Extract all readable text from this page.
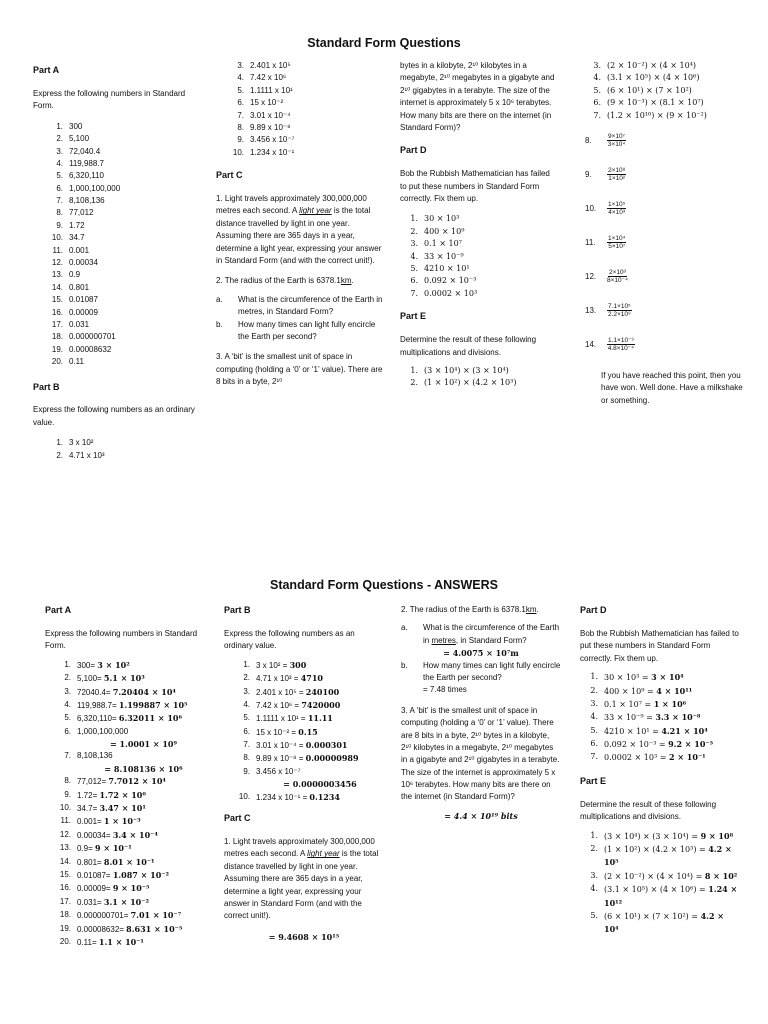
Standard Form Questions
Part A

Express the following numbers in Standard Form.

1. 300
2. 5,100
3. 72,040.4
4. 119,988.7
5. 6,320,110
6. 1,000,100,000
7. 8,108,136
8. 77,012
9. 1.72
10. 34.7
11. 0.001
12. 0.00034
13. 0.9
14. 0.801
15. 0.01087
16. 0.00009
17. 0.031
18. 0.000000701
19. 0.00008632
20. 0.11
Part B

Express the following numbers as an ordinary value.

1. 3 x 10²
2. 4.71 x 10³
3. 2.401 x 10⁵
4. 7.42 x 10⁶
5. 1.1111 x 10¹
6. 15 x 10⁻²
7. 3.01 x 10⁻⁴
8. 9.89 x 10⁻⁸
9. 3.456 x 10⁻⁷
10. 1.234 x 10⁻¹
Part C

1. Light travels approximately 300,000,000 metres each second. A light year is the total distance travelled by light in one year. Assuming there are 365 days in a year, determine a light year, expressing your answer in Standard Form (and with the correct unit!).

2. The radius of the Earth is 6378.1km.

a. What is the circumference of the Earth in metres, in Standard Form?
b. How many times can light fully encircle the Earth per second?

3. A ‘bit’ is the smallest unit of space in computing (holding a ‘0’ or ‘1’ value). There are 8 bits in a byte, 2¹⁰

bytes in a kilobyte, 2¹⁰ kilobytes in a megabyte, 2¹⁰ megabytes in a gigabyte and 2¹⁰ gigabytes in a terabyte. The size of the internet is approximately 5 x 10⁶ terabytes. How many bits are there on the internet (in Standard Form)?

Part D

Bob the Rubbish Mathematician has failed to put these numbers in Standard Form correctly. Fix them up.

1. 30 × 10³
2. 400 × 10⁹
3. 0.1 × 10⁷
4. 33 × 10⁻⁹
5. 4210 × 10¹
6. 0.092 × 10⁻³
7. 0.0002 × 10³
Part E

Determine the result of these following multiplications and divisions.

1. (3 × 10⁴) × (3 × 10⁴)
2. (1 × 10²) × (4.2 × 10³)
3. (2 × 10⁻²) × (4 × 10⁴)
4. (3.1 × 10⁵) × (4 × 10⁶)
5. (6 × 10¹) × (7 × 10²)
6. (9 × 10⁻³) × (8.1 × 10⁷)
7. (1.2 × 10¹⁰) × (9 × 10⁻²)
8.	$\frac{\text{9×10⁷}}{\text{3×10⁴}}$
9.	$\frac{\text{2×10⁸}}{\text{1×10²}}$
10.	$\frac{\text{1×10⁵}}{\text{4×10³}}$
11.	$\frac{\text{1×10⁴}}{\text{5×10⁷}}$
12.	$\frac{\text{2×10³}}{\text{8×10⁻⁴}}$
13.	$\frac{\text{7.1×10⁵}}{\text{2.2×10⁹}}$
14.	$\frac{\text{1.1×10⁻³}}{\text{4.8×10⁻⁴}}$

If you have reached this point, then you have won. Well done. Have a milkshake or something.

Standard Form Questions - ANSWERS
Part A

Express the following numbers in Standard Form.

1. 300= 3 × 10²
2. 5,100= 5.1 × 10³
3. 72040.4= 7.20404 × 10⁴
4. 119,988.7= 1.199887 × 10⁵
5. 6,320,110= 6.32011 × 10⁶
6. 1,000,100,000

= 1.0001 × 10⁹
7. 8,108,136

= 8.108136 × 10⁶
8. 77,012= 7.7012 × 10⁴
9. 1.72= 1.72 × 10⁰
10. 34.7= 3.47 × 10¹
11. 0.001= 1 × 10⁻³
12. 0.00034= 3.4 × 10⁻⁴
13. 0.9= 9 × 10⁻¹
14. 0.801= 8.01 × 10⁻¹
15. 0.01087= 1.087 × 10⁻²
16. 0.00009= 9 × 10⁻⁵
17. 0.031= 3.1 × 10⁻²
18. 0.000000701= 7.01 × 10⁻⁷
19. 0.00008632= 8.631 × 10⁻⁵
20. 0.11= 1.1 × 10⁻¹
Part B

Express the following numbers as an ordinary value.

1. 3 x 10² = 300
2. 4.71 x 10³ = 4710
3. 2.401 x 10⁵ = 240100
4. 7.42 x 10⁶ = 7420000
5. 1.1111 x 10¹ = 11.11
6. 15 x 10⁻² = 0.15
7. 3.01 x 10⁻⁴ = 0.000301
8. 9.89 x 10⁻⁸ = 0.00000989
9. 3.456 x 10⁻⁷

= 0.0000003456
10. 1.234 x 10⁻¹ = 0.1234
Part C

1. Light travels approximately 300,000,000 metres each second. A light year is the total distance travelled by light in one year. Assuming there are 365 days in a year, determine a light year, expressing your answer in Standard Form (and with the correct unit!).

= 9.4608 × 10¹⁵

2. The radius of the Earth is 6378.1km.

a. What is the circumference of the Earth in metres, in Standard Form?
= 4.0075 × 10⁷m
b. How many times can light fully encircle the Earth per second?
= 7.48 times

3. A ‘bit’ is the smallest unit of space in computing (holding a ‘0’ or ‘1’ value). There are 8 bits in a byte, 2¹⁰ bytes in a kilobyte, 2¹⁰ kilobytes in a megabyte, 2¹⁰ megabytes in a gigabyte and 2¹⁰ gigabytes in a terabyte. The size of the internet is approximately 5 x 10⁶ terabytes. How many bits are there on the internet (in Standard Form)?

= 4.4 × 10¹⁹ bits
Part D

Bob the Rubbish Mathematician has failed to put these numbers in Standard Form correctly. Fix them up.

1. 30 × 10³ = 3 × 10⁴
2. 400 × 10⁹ = 4 × 10¹¹
3. 0.1 × 10⁷ = 1 × 10⁶
4. 33 × 10⁻⁹ = 3.3 × 10⁻⁸
5. 4210 × 10¹ = 4.21 × 10⁴
6. 0.092 × 10⁻³ = 9.2 × 10⁻⁵
7. 0.0002 × 10³ = 2 × 10⁻¹
Part E

Determine the result of these following multiplications and divisions.

1. (3 × 10⁴) × (3 × 10⁴) = 9 × 10⁸
2. (1 × 10²) × (4.2 × 10³) = 4.2 × 10⁵
3. (2 × 10⁻²) × (4 × 10⁴) = 8 × 10²
4. (3.1 × 10⁵) × (4 × 10⁶) = 1.24 × 10¹²
5. (6 × 10¹) × (7 × 10²) = 4.2 × 10⁴
